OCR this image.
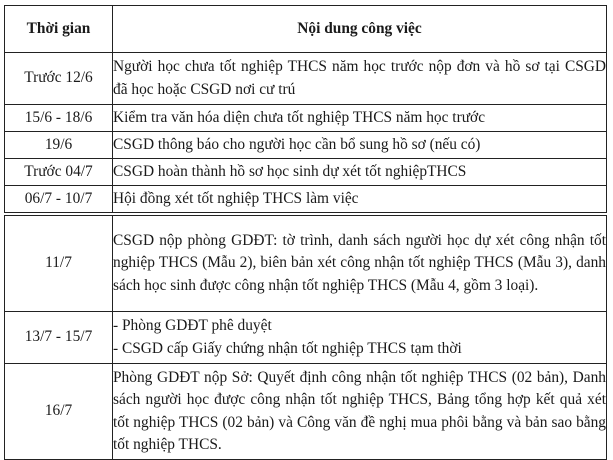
Thời gian	Nội dung công việc
Trước 12/6	Người học chưa tốt nghiệp THCS năm học trước nộp đơn và hồ sơ tại CSGD đã học hoặc CSGD nơi cư trú
15/6 - 18/6	Kiểm tra văn hóa diện chưa tốt nghiệp THCS năm học trước
19/6	CSGD thông báo cho người học cần bổ sung hồ sơ (nếu có)
Trước 04/7	CSGD hoàn thành hồ sơ học sinh dự xét tốt nghiệpTHCS
06/7 - 10/7	Hội đồng xét tốt nghiệp THCS làm việc
11/7	CSGD nộp phòng GDĐT: tờ trình, danh sách người học dự xét công nhận tốt nghiệp THCS (Mẫu 2), biên bản xét công nhận tốt nghiệp THCS (Mẫu 3), danh sách học sinh được công nhận tốt nghiệp THCS (Mẫu 4, gồm 3 loại).
13/7 - 15/7	- Phòng GDĐT phê duyệt
- CSGD cấp Giấy chứng nhận tốt nghiệp THCS tạm thời

16/7	Phòng GDĐT nộp Sở: Quyết định công nhận tốt nghiệp THCS (02 bản), Danh sách người học được công nhận tốt nghiệp THCS, Bảng tổng hợp kết quả xét tốt nghiệp THCS (02 bản) và Công văn đề nghị mua phôi bằng và bản sao bằng tốt nghiệp THCS.
